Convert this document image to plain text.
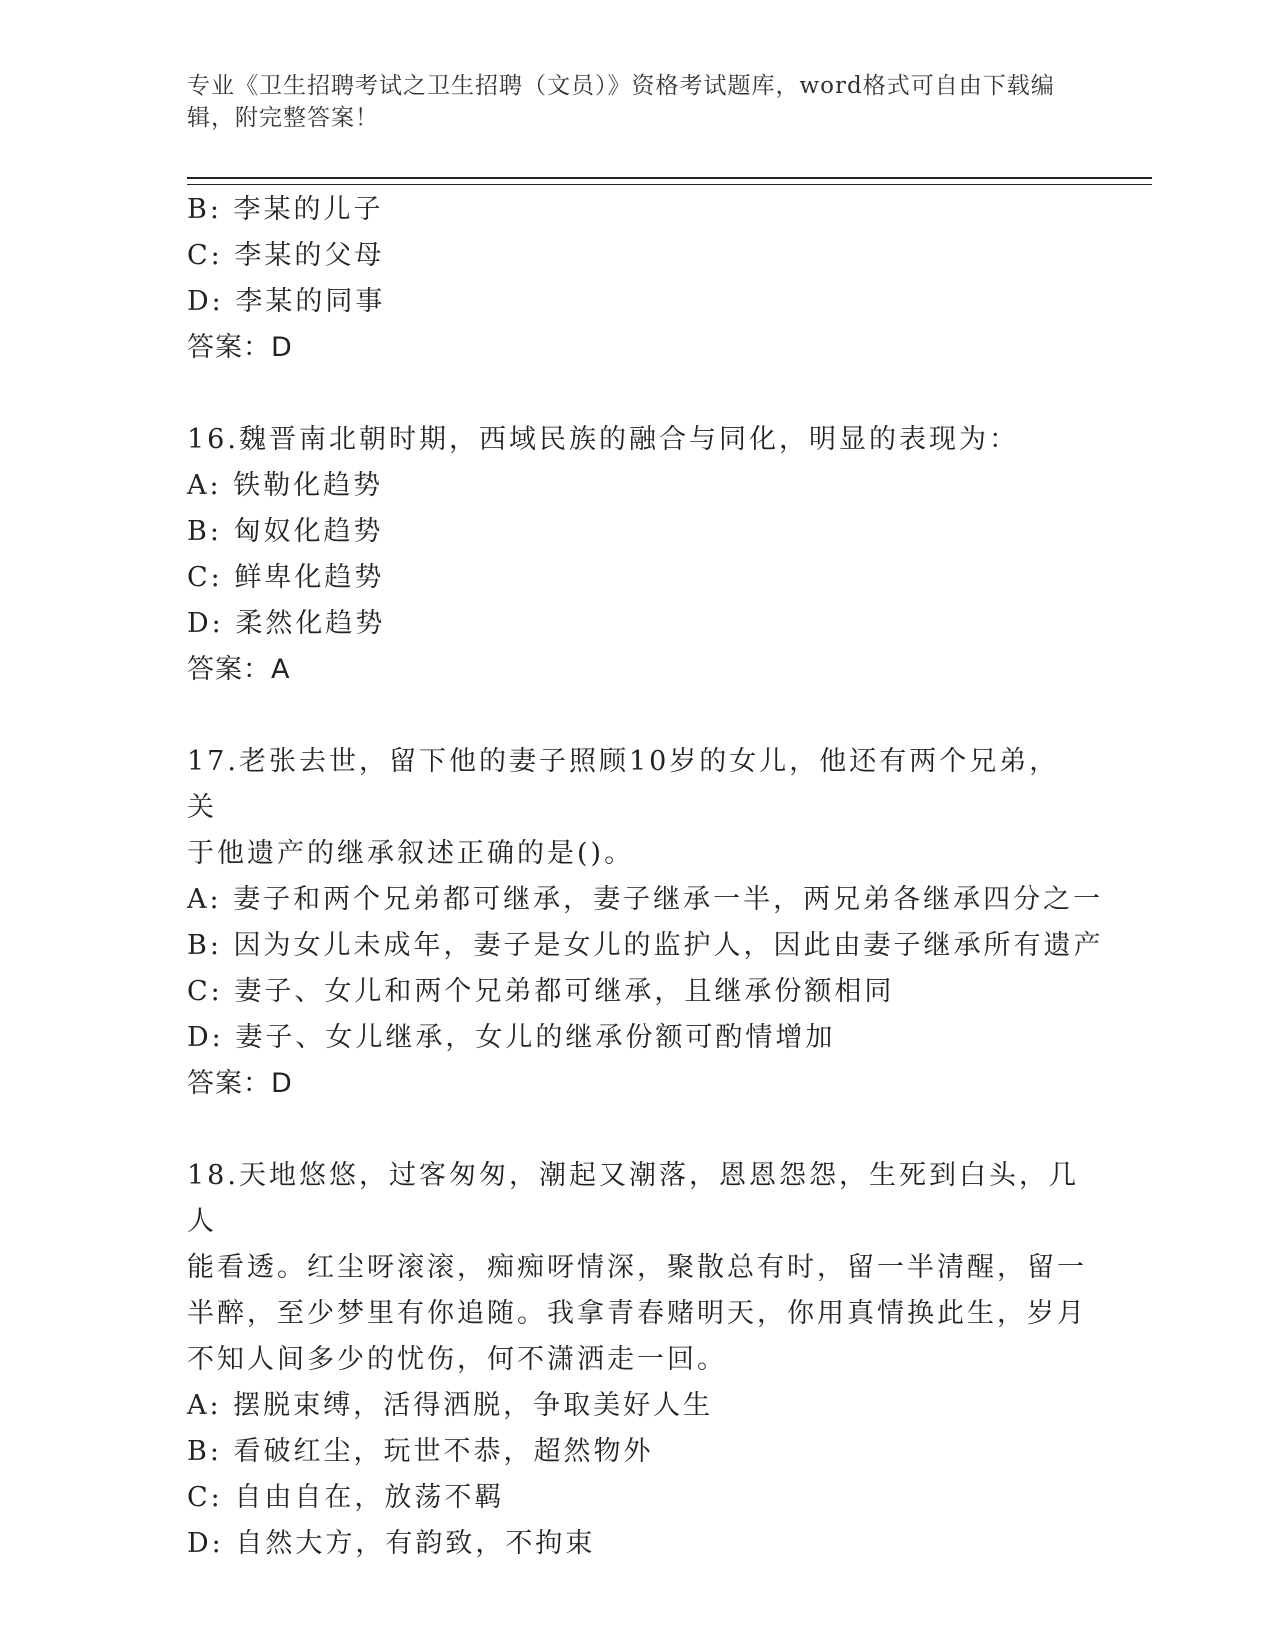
专业《卫生招聘考试之卫生招聘（文员）》资格考试题库，word格式可自由下载编辑，附完整答案！
B: 李某的儿子
C: 李某的父母
D: 李某的同事
答案：D
16.魏晋南北朝时期，西域民族的融合与同化，明显的表现为：
A: 铁勒化趋势
B: 匈奴化趋势
C: 鲜卑化趋势
D: 柔然化趋势
答案：A
17.老张去世，留下他的妻子照顾10岁的女儿，他还有两个兄弟，关
于他遗产的继承叙述正确的是()。
A: 妻子和两个兄弟都可继承，妻子继承一半，两兄弟各继承四分之一
B: 因为女儿未成年，妻子是女儿的监护人，因此由妻子继承所有遗产
C: 妻子、女儿和两个兄弟都可继承，且继承份额相同
D: 妻子、女儿继承，女儿的继承份额可酌情增加
答案：D
18.天地悠悠，过客匆匆，潮起又潮落，恩恩怨怨，生死到白头，几人
能看透。红尘呀滚滚，痴痴呀情深，聚散总有时，留一半清醒，留一
半醉，至少梦里有你追随。我拿青春赌明天，你用真情换此生，岁月
不知人间多少的忧伤，何不潇洒走一回。
A: 摆脱束缚，活得洒脱，争取美好人生
B: 看破红尘，玩世不恭，超然物外
C: 自由自在，放荡不羁
D: 自然大方，有韵致，不拘束
